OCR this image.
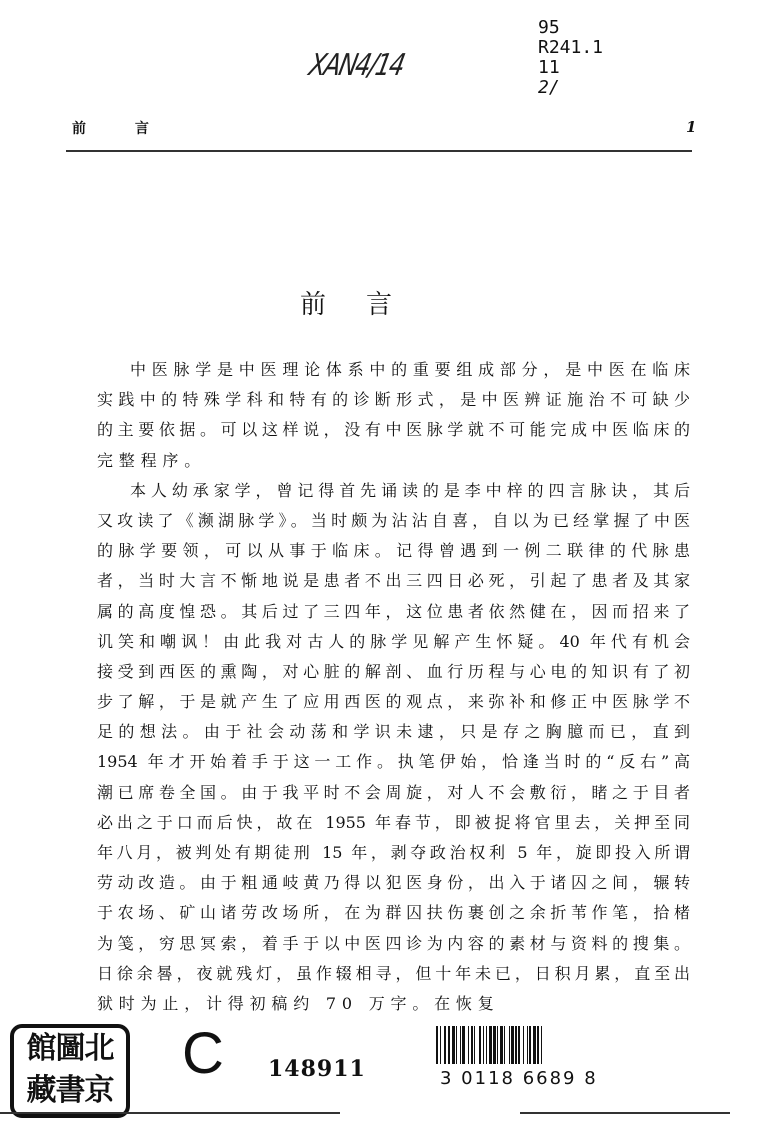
XAN4/14
95
R241.1
11
2/
前 言	1
前言
中医脉学是中医理论体系中的重要组成部分，是中医在临床
实践中的特殊学科和特有的诊断形式，是中医辨证施治不可缺少
的主要依据。可以这样说，没有中医脉学就不可能完成中医临床的
完整程序。
本人幼承家学，曾记得首先诵读的是李中梓的四言脉诀，其后
又攻读了《濒湖脉学》。当时颇为沾沾自喜，自以为已经掌握了中医
的脉学要领，可以从事于临床。记得曾遇到一例二联律的代脉患
者，当时大言不惭地说是患者不出三四日必死，引起了患者及其家
属的高度惶恐。其后过了三四年，这位患者依然健在，因而招来了
讥笑和嘲讽！由此我对古人的脉学见解产生怀疑。40 年代有机会
接受到西医的熏陶，对心脏的解剖、血行历程与心电的知识有了初
步了解，于是就产生了应用西医的观点，来弥补和修正中医脉学不
足的想法。由于社会动荡和学识未逮，只是存之胸臆而已，直到
1954 年才开始着手于这一工作。执笔伊始，恰逢当时的“反右”高
潮已席卷全国。由于我平时不会周旋，对人不会敷衍，睹之于目者
必出之于口而后快，故在 1955 年春节，即被捉将官里去，关押至同
年八月，被判处有期徒刑 15 年，剥夺政治权利 5 年，旋即投入所谓
劳动改造。由于粗通岐黄乃得以犯医身份，出入于诸囚之间，辗转
于农场、矿山诸劳改场所，在为群囚扶伤裹创之余折苇作笔，拾楮
为笺，穷思冥索，着手于以中医四诊为内容的素材与资料的搜集。
日徐余晷，夜就残灯，虽作辍相寻，但十年未已，日积月累，直至出
狱时为止，计得初稿约 70 万字。在恢复
館圖北
藏書京
C 148911	3 0118 6689 8
